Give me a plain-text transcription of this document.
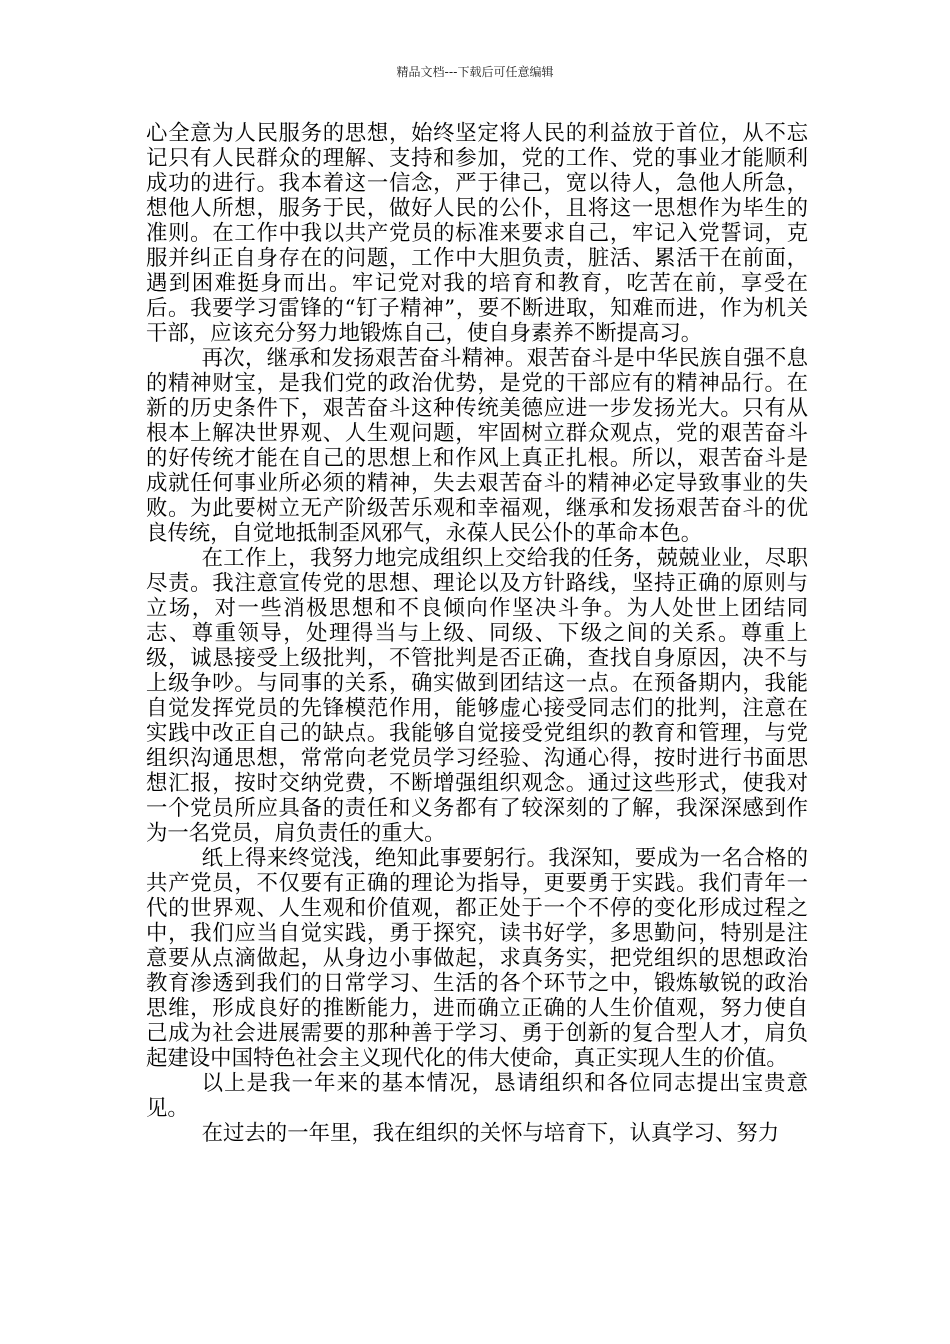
精品文档---下载后可任意编辑

心全意为人民服务的思想，始终坚定将人民的利益放于首位，从不忘记只有人民群众的理解、支持和参加，党的工作、党的事业才能顺利成功的进行。我本着这一信念，严于律己，宽以待人，急他人所急，想他人所想，服务于民，做好人民的公仆，且将这一思想作为毕生的准则。在工作中我以共产党员的标准来要求自己，牢记入党誓词，克服并纠正自身存在的问题，工作中大胆负责，脏活、累活干在前面，遇到困难挺身而出。牢记党对我的培育和教育，吃苦在前，享受在后。我要学习雷锋的“钉子精神”，要不断进取，知难而进，作为机关干部，应该充分努力地锻炼自己，使自身素养不断提高习。

再次，继承和发扬艰苦奋斗精神。艰苦奋斗是中华民族自强不息的精神财宝，是我们党的政治优势，是党的干部应有的精神品行。在新的历史条件下，艰苦奋斗这种传统美德应进一步发扬光大。只有从根本上解决世界观、人生观问题，牢固树立群众观点，党的艰苦奋斗的好传统才能在自己的思想上和作风上真正扎根。所以，艰苦奋斗是成就任何事业所必须的精神，失去艰苦奋斗的精神必定导致事业的失败。为此要树立无产阶级苦乐观和幸福观，继承和发扬艰苦奋斗的优良传统，自觉地抵制歪风邪气，永葆人民公仆的革命本色。

在工作上，我努力地完成组织上交给我的任务，兢兢业业，尽职尽责。我注意宣传党的思想、理论以及方针路线，坚持正确的原则与立场，对一些消极思想和不良倾向作坚决斗争。为人处世上团结同志、尊重领导，处理得当与上级、同级、下级之间的关系。尊重上级，诚恳接受上级批判，不管批判是否正确，查找自身原因，决不与上级争吵。与同事的关系，确实做到团结这一点。在预备期内，我能自觉发挥党员的先锋模范作用，能够虚心接受同志们的批判，注意在实践中改正自己的缺点。我能够自觉接受党组织的教育和管理，与党组织沟通思想，常常向老党员学习经验、沟通心得，按时进行书面思想汇报，按时交纳党费，不断增强组织观念。通过这些形式，使我对一个党员所应具备的责任和义务都有了较深刻的了解，我深深感到作为一名党员，肩负责任的重大。

纸上得来终觉浅，绝知此事要躬行。我深知，要成为一名合格的共产党员，不仅要有正确的理论为指导，更要勇于实践。我们青年一代的世界观、人生观和价值观，都正处于一个不停的变化形成过程之中，我们应当自觉实践，勇于探究，读书好学，多思勤问，特别是注意要从点滴做起，从身边小事做起，求真务实，把党组织的思想政治教育渗透到我们的日常学习、生活的各个环节之中，锻炼敏锐的政治思维，形成良好的推断能力，进而确立正确的人生价值观，努力使自己成为社会进展需要的那种善于学习、勇于创新的复合型人才，肩负起建设中国特色社会主义现代化的伟大使命，真正实现人生的价值。

以上是我一年来的基本情况，恳请组织和各位同志提出宝贵意见。

在过去的一年里，我在组织的关怀与培育下，认真学习、努力
